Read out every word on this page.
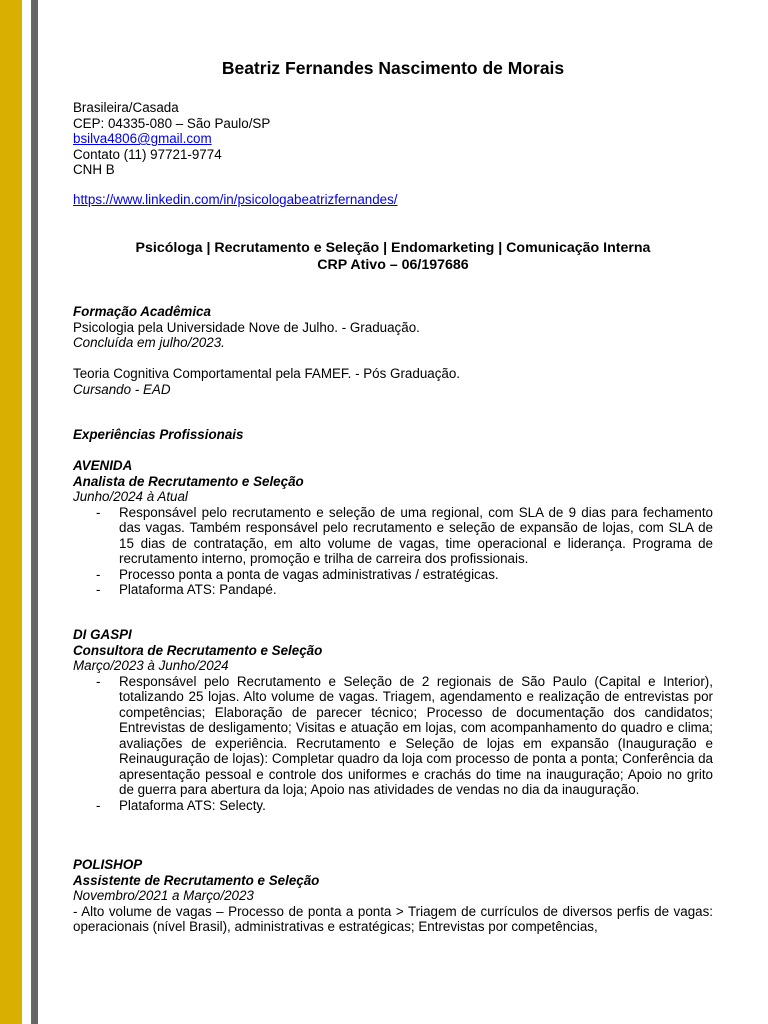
Beatriz Fernandes Nascimento de Morais
Brasileira/Casada
CEP: 04335-080 – São Paulo/SP
bsilva4806@gmail.com
Contato (11) 97721-9774
CNH B
https://www.linkedin.com/in/psicologabeatrizfernandes/
Psicóloga | Recrutamento e Seleção | Endomarketing | Comunicação Interna
CRP Ativo – 06/197686
Formação Acadêmica
Psicologia pela Universidade Nove de Julho. - Graduação.
Concluída em julho/2023.
Teoria Cognitiva Comportamental pela FAMEF. - Pós Graduação.
Cursando - EAD
Experiências Profissionais
AVENIDA
Analista de Recrutamento e Seleção
Junho/2024 à Atual
- Responsável pelo recrutamento e seleção de uma regional, com SLA de 9 dias para fechamento das vagas. Também responsável pelo recrutamento e seleção de expansão de lojas, com SLA de 15 dias de contratação, em alto volume de vagas, time operacional e liderança. Programa de recrutamento interno, promoção e trilha de carreira dos profissionais.
- Processo ponta a ponta de vagas administrativas / estratégicas.
- Plataforma ATS: Pandapé.
DI GASPI
Consultora de Recrutamento e Seleção
Março/2023 à Junho/2024
- Responsável pelo Recrutamento e Seleção de 2 regionais de São Paulo (Capital e Interior), totalizando 25 lojas. Alto volume de vagas. Triagem, agendamento e realização de entrevistas por competências; Elaboração de parecer técnico; Processo de documentação dos candidatos; Entrevistas de desligamento; Visitas e atuação em lojas, com acompanhamento do quadro e clima; avaliações de experiência. Recrutamento e Seleção de lojas em expansão (Inauguração e Reinauguração de lojas): Completar quadro da loja com processo de ponta a ponta; Conferência da apresentação pessoal e controle dos uniformes e crachás do time na inauguração; Apoio no grito de guerra para abertura da loja; Apoio nas atividades de vendas no dia da inauguração.
- Plataforma ATS: Selecty.
POLISHOP
Assistente de Recrutamento e Seleção
Novembro/2021 a Março/2023
- Alto volume de vagas – Processo de ponta a ponta > Triagem de currículos de diversos perfis de vagas: operacionais (nível Brasil), administrativas e estratégicas; Entrevistas por competências,
